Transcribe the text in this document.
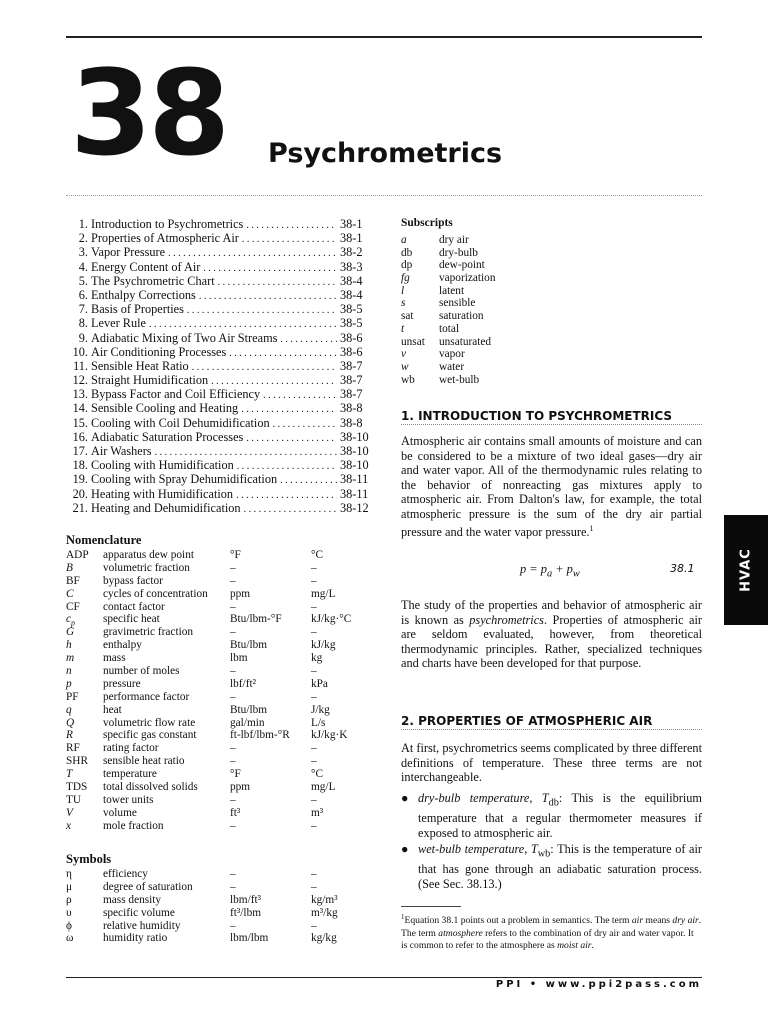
38 Psychrometrics
1. Introduction to Psychrometrics . . .	38-1
2. Properties of Atmospheric Air . . .	38-1
3. Vapor Pressure . . .	38-2
4. Energy Content of Air . . .	38-3
5. The Psychrometric Chart . . .	38-4
6. Enthalpy Corrections . . .	38-4
7. Basis of Properties . . .	38-5
8. Lever Rule . . .	38-5
9. Adiabatic Mixing of Two Air Streams . . .	38-6
10. Air Conditioning Processes . . .	38-6
11. Sensible Heat Ratio . . .	38-7
12. Straight Humidification . . .	38-7
13. Bypass Factor and Coil Efficiency . . .	38-7
14. Sensible Cooling and Heating . . .	38-8
15. Cooling with Coil Dehumidification . . .	38-8
16. Adiabatic Saturation Processes . . .	38-10
17. Air Washers . . .	38-10
18. Cooling with Humidification . . .	38-10
19. Cooling with Spray Dehumidification . . .	38-11
20. Heating with Humidification . . .	38-11
21. Heating and Dehumidification . . .	38-12
Nomenclature
ADP	apparatus dew point	°F	°C
B	volumetric fraction	–	–
BF	bypass factor	–	–
C	cycles of concentration	ppm	mg/L
CF	contact factor	–	–
$c_p$	specific heat	Btu/lbm-°F	kJ/kg·°C
G	gravimetric fraction	–	–
h	enthalpy	Btu/lbm	kJ/kg
m	mass	lbm	kg
n	number of moles	–	–
p	pressure	lbf/ft²	kPa
PF	performance factor	–	–
q	heat	Btu/lbm	J/kg
Q	volumetric flow rate	gal/min	L/s
R	specific gas constant	ft-lbf/lbm-°R	kJ/kg·K
RF	rating factor	–	–
SHR	sensible heat ratio	–	–
T	temperature	°F	°C
TDS	total dissolved solids	ppm	mg/L
TU	tower units	–	–
V	volume	ft³	m³
x	mole fraction	–	–
Symbols
η	efficiency	–	–
μ	degree of saturation	–	–
ρ	mass density	lbm/ft³	kg/m³
υ	specific volume	ft³/lbm	m³/kg
ϕ	relative humidity	–	–
ω	humidity ratio	lbm/lbm	kg/kg
Subscripts
a	dry air
db	dry-bulb
dp	dew-point
fg	vaporization
l	latent
s	sensible
sat	saturation
t	total
unsat	unsaturated
v	vapor
w	water
wb	wet-bulb
1. INTRODUCTION TO PSYCHROMETRICS
Atmospheric air contains small amounts of moisture and can be considered to be a mixture of two ideal gases—dry air and water vapor. All of the thermodynamic rules relating to the behavior of nonreacting gas mixtures apply to atmospheric air. From Dalton's law, for example, the total atmospheric pressure is the sum of the dry air partial pressure and the water vapor pressure.$^1$
$p = p_a + p_w$	38.1
The study of the properties and behavior of atmospheric air is known as psychrometrics. Properties of atmospheric air are seldom evaluated, however, from theoretical thermodynamic principles. Rather, specialized techniques and charts have been developed for that purpose.
2. PROPERTIES OF ATMOSPHERIC AIR
At first, psychrometrics seems complicated by three different definitions of temperature. These three terms are not interchangeable.
● dry-bulb temperature, $T_{db}$: This is the equilibrium temperature that a regular thermometer measures if exposed to atmospheric air.
● wet-bulb temperature, $T_{wb}$: This is the temperature of air that has gone through an adiabatic saturation process. (See Sec. 38.13.)
$^1$Equation 38.1 points out a problem in semantics. The term air means dry air. The term atmosphere refers to the combination of dry air and water vapor. It is common to refer to the atmosphere as moist air.
HVAC
PPI • www.ppi2pass.com
